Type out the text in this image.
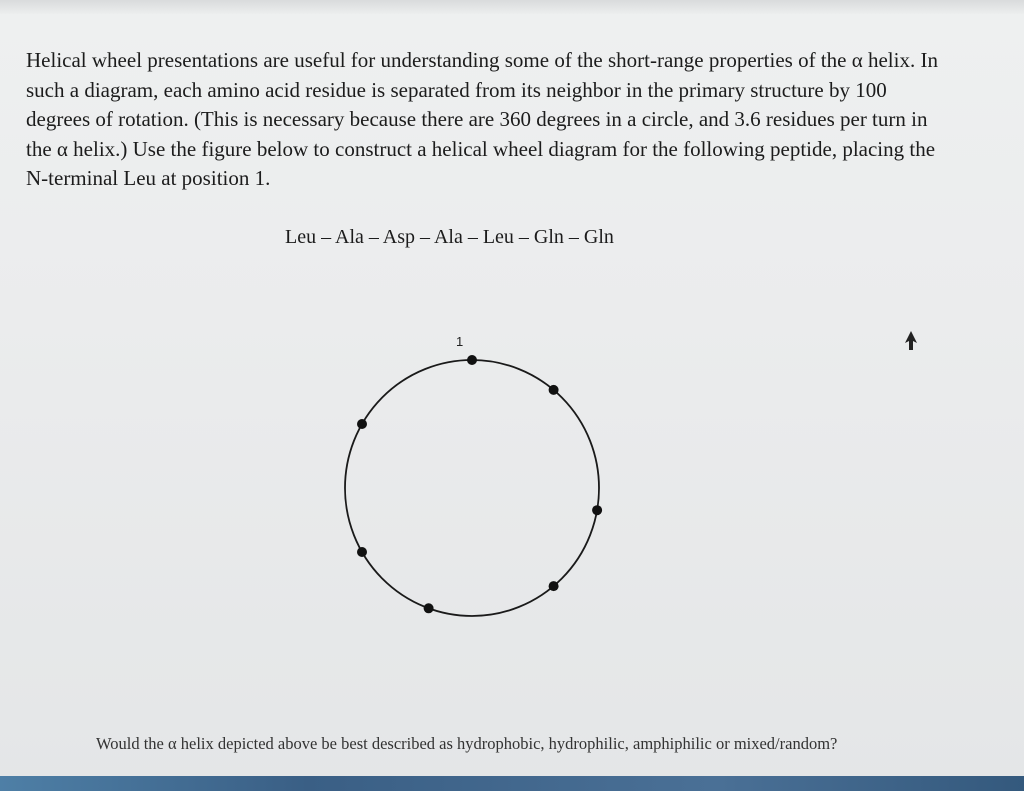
Helical wheel presentations are useful for understanding some of the short-range properties of the α helix. In such a diagram, each amino acid residue is separated from its neighbor in the primary structure by 100 degrees of rotation. (This is necessary because there are 360 degrees in a circle, and 3.6 residues per turn in the α helix.) Use the figure below to construct a helical wheel diagram for the following peptide, placing the N-terminal Leu at position 1.

Leu – Ala – Asp – Ala – Leu – Gln – Gln

1

Would the α helix depicted above be best described as hydrophobic, hydrophilic, amphiphilic or mixed/random?
